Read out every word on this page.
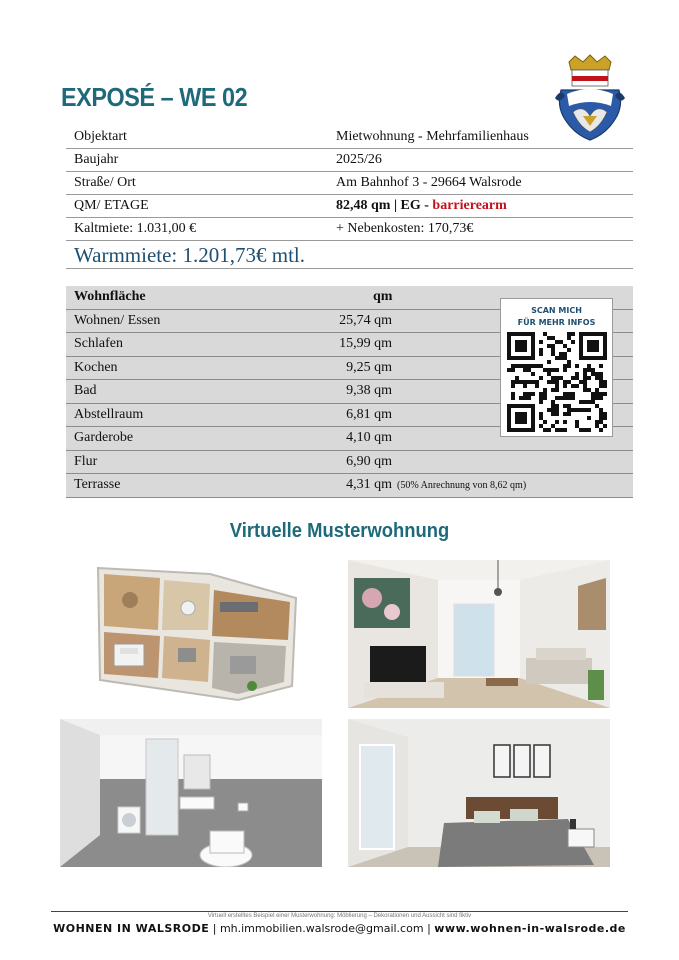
EXPOSÉ – WE 02
Objektart	Mietwohnung - Mehrfamilienhaus
Baujahr	2025/26
Straße/ Ort	Am Bahnhof 3 - 29664 Walsrode
QM/ ETAGE	82,48 qm | EG - barrierearm
Kaltmiete: 1.031,00 €	+ Nebenkosten: 170,73€
Warmmiete: 1.201,73€ mtl.
Wohnfläche	qm
Wohnen/ Essen	25,74 qm
Schlafen	15,99 qm
Kochen	9,25 qm
Bad	9,38 qm
Abstellraum	6,81 qm
Garderobe	4,10 qm
Flur	6,90 qm
Terrasse	4,31 qm (50% Anrechnung von 8,62 qm)
SCAN MICH
FÜR MEHR INFOS
Virtuelle Musterwohnung
Virtuell erstelltes Beispiel einer Musterwohnung: Möblierung – Dekorationen und Aussicht sind fiktiv
WOHNEN IN WALSRODE | mh.immobilien.walsrode@gmail.com | www.wohnen-in-walsrode.de
